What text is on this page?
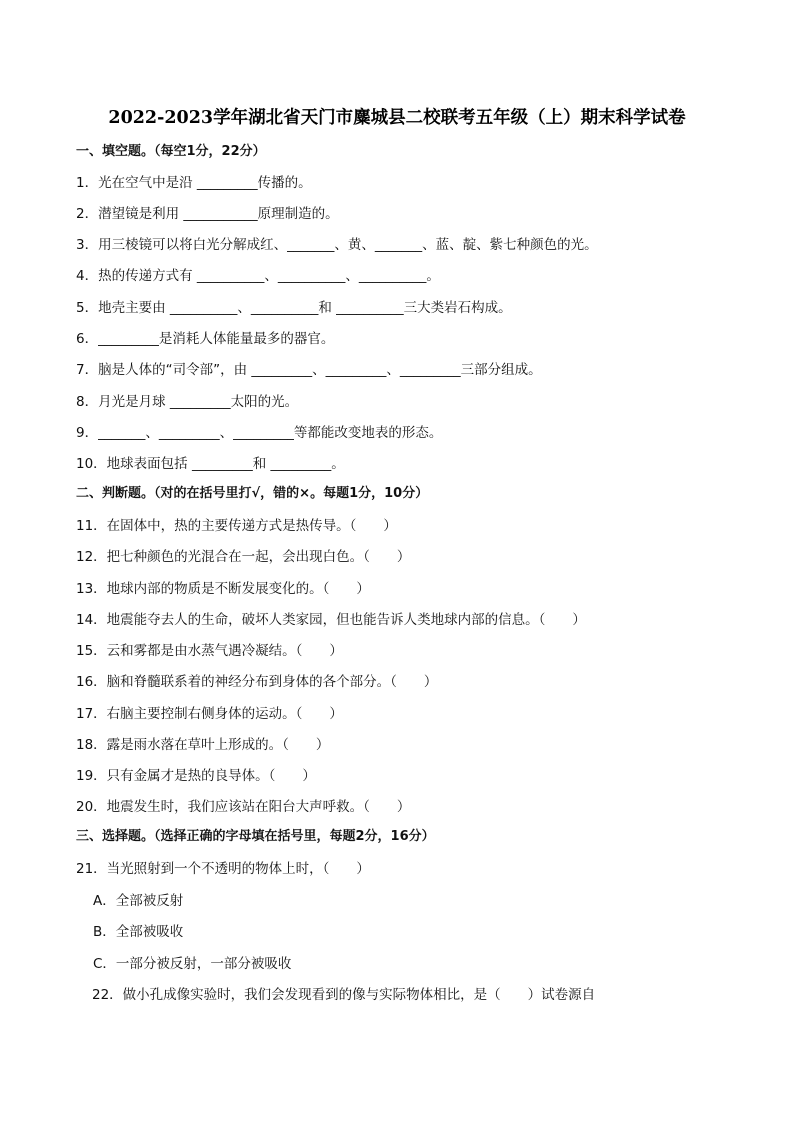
2022-2023学年湖北省天门市麋城县二校联考五年级（上）期末科学试卷
一、填空题。（每空1分，22分）
1．光在空气中是沿 _________传播的。
2．潜望镜是利用 ___________原理制造的。
3．用三棱镜可以将白光分解成红、_______、黄、_______、蓝、靛、紫七种颜色的光。
4．热的传递方式有 __________、__________、__________。
5．地壳主要由 __________、__________和 __________三大类岩石构成。
6．_________是消耗人体能量最多的器官。
7．脑是人体的“司令部”，由 _________、_________、_________三部分组成。
8．月光是月球 _________太阳的光。
9．_______、_________、_________等都能改变地表的形态。
10．地球表面包括 _________和 _________。
二、判断题。（对的在括号里打√，错的×。每题1分，10分）
11．在固体中，热的主要传递方式是热传导。（　　）
12．把七种颜色的光混合在一起，会出现白色。（　　）
13．地球内部的物质是不断发展变化的。（　　）
14．地震能夺去人的生命，破坏人类家园，但也能告诉人类地球内部的信息。（　　）
15．云和雾都是由水蒸气遇冷凝结。（　　）
16．脑和脊髓联系着的神经分布到身体的各个部分。（　　）
17．右脑主要控制右侧身体的运动。（　　）
18．露是雨水落在草叶上形成的。（　　）
19．只有金属才是热的良导体。（　　）
20．地震发生时，我们应该站在阳台大声呼救。（　　）
三、选择题。（选择正确的字母填在括号里，每题2分，16分）
21．当光照射到一个不透明的物体上时，（　　）
A．全部被反射
B．全部被吸收
C．一部分被反射，一部分被吸收
22．做小孔成像实验时，我们会发现看到的像与实际物体相比，是（　　）试卷源自
